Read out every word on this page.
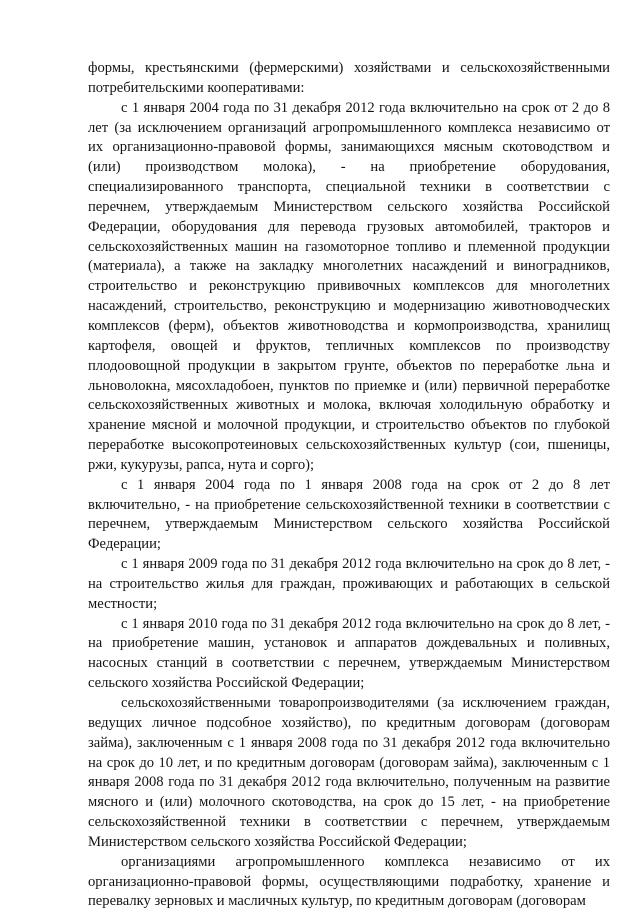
формы, крестьянскими (фермерскими) хозяйствами и сельскохозяйственными потребительскими кооперативами:

с 1 января 2004 года по 31 декабря 2012 года включительно на срок от 2 до 8 лет (за исключением организаций агропромышленного комплекса независимо от их организационно-правовой формы, занимающихся мясным скотоводством и (или) производством молока), - на приобретение оборудования, специализированного транспорта, специальной техники в соответствии с перечнем, утверждаемым Министерством сельского хозяйства Российской Федерации, оборудования для перевода грузовых автомобилей, тракторов и сельскохозяйственных машин на газомоторное топливо и племенной продукции (материала), а также на закладку многолетних насаждений и виноградников, строительство и реконструкцию прививочных комплексов для многолетних насаждений, строительство, реконструкцию и модернизацию животноводческих комплексов (ферм), объектов животноводства и кормопроизводства, хранилищ картофеля, овощей и фруктов, тепличных комплексов по производству плодоовощной продукции в закрытом грунте, объектов по переработке льна и льноволокна, мясохладобоен, пунктов по приемке и (или) первичной переработке сельскохозяйственных животных и молока, включая холодильную обработку и хранение мясной и молочной продукции, и строительство объектов по глубокой переработке высокопротеиновых сельскохозяйственных культур (сои, пшеницы, ржи, кукурузы, рапса, нута и сорго);

с 1 января 2004 года по 1 января 2008 года на срок от 2 до 8 лет включительно, - на приобретение сельскохозяйственной техники в соответствии с перечнем, утверждаемым Министерством сельского хозяйства Российской Федерации;

с 1 января 2009 года по 31 декабря 2012 года включительно на срок до 8 лет, - на строительство жилья для граждан, проживающих и работающих в сельской местности;

с 1 января 2010 года по 31 декабря 2012 года включительно на срок до 8 лет, - на приобретение машин, установок и аппаратов дождевальных и поливных, насосных станций в соответствии с перечнем, утверждаемым Министерством сельского хозяйства Российской Федерации;

сельскохозяйственными товаропроизводителями (за исключением граждан, ведущих личное подсобное хозяйство), по кредитным договорам (договорам займа), заключенным с 1 января 2008 года по 31 декабря 2012 года включительно на срок до 10 лет, и по кредитным договорам (договорам займа), заключенным с 1 января 2008 года по 31 декабря 2012 года включительно, полученным на развитие мясного и (или) молочного скотоводства, на срок до 15 лет, - на приобретение сельскохозяйственной техники в соответствии с перечнем, утверждаемым Министерством сельского хозяйства Российской Федерации;

организациями агропромышленного комплекса независимо от их организационно-правовой формы, осуществляющими подработку, хранение и перевалку зерновых и масличных культур, по кредитным договорам (договорам
